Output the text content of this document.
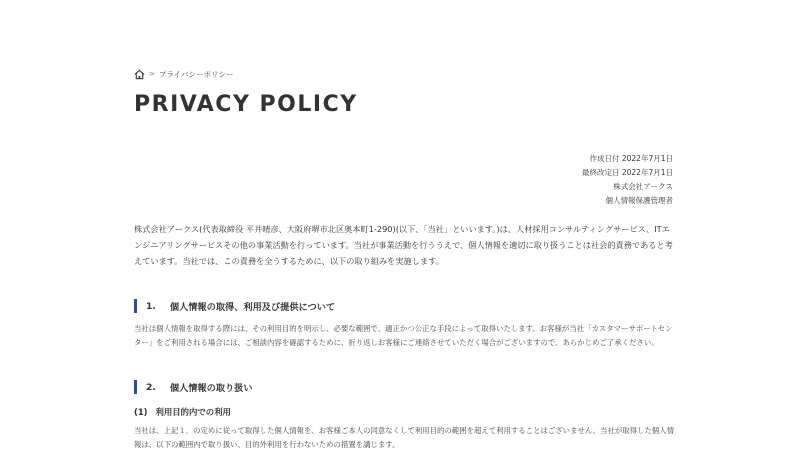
> プライバシーポリシー
PRIVACY POLICY
作成日付 2022年7月1日
最終改定日 2022年7月1日
株式会社アークス
個人情報保護管理者

株式会社アークス(代表取締役 平井晴彦、大阪府堺市北区奥本町1-290)(以下、「当社」といいます。)は、人材採用コンサルティングサービス、ITエンジニアリングサービスその他の事業活動を行っています。当社が事業活動を行ううえで、個人情報を適切に取り扱うことは社会的責務であると考えています。当社では、この責務を全うするために、以下の取り組みを実施します。

1. 個人情報の取得、利用及び提供について

当社は個人情報を取得する際には、その利用目的を明示し、必要な範囲で、適正かつ公正な手段によって取得いたします。お客様が当社「カスタマーサポートセンター」をご利用される場合には、ご相談内容を確認するために、折り返しお客様にご連絡させていただく場合がございますので、あらかじめご了承ください。

2. 個人情報の取り扱い
(1) 利用目的内での利用

当社は、上記１．の定めに従って取得した個人情報を、お客様ご本人の同意なくして利用目的の範囲を超えて利用することはございません。当社が取得した個人情報は、以下の範囲内で取り扱い、目的外利用を行わないための措置を講じます。
